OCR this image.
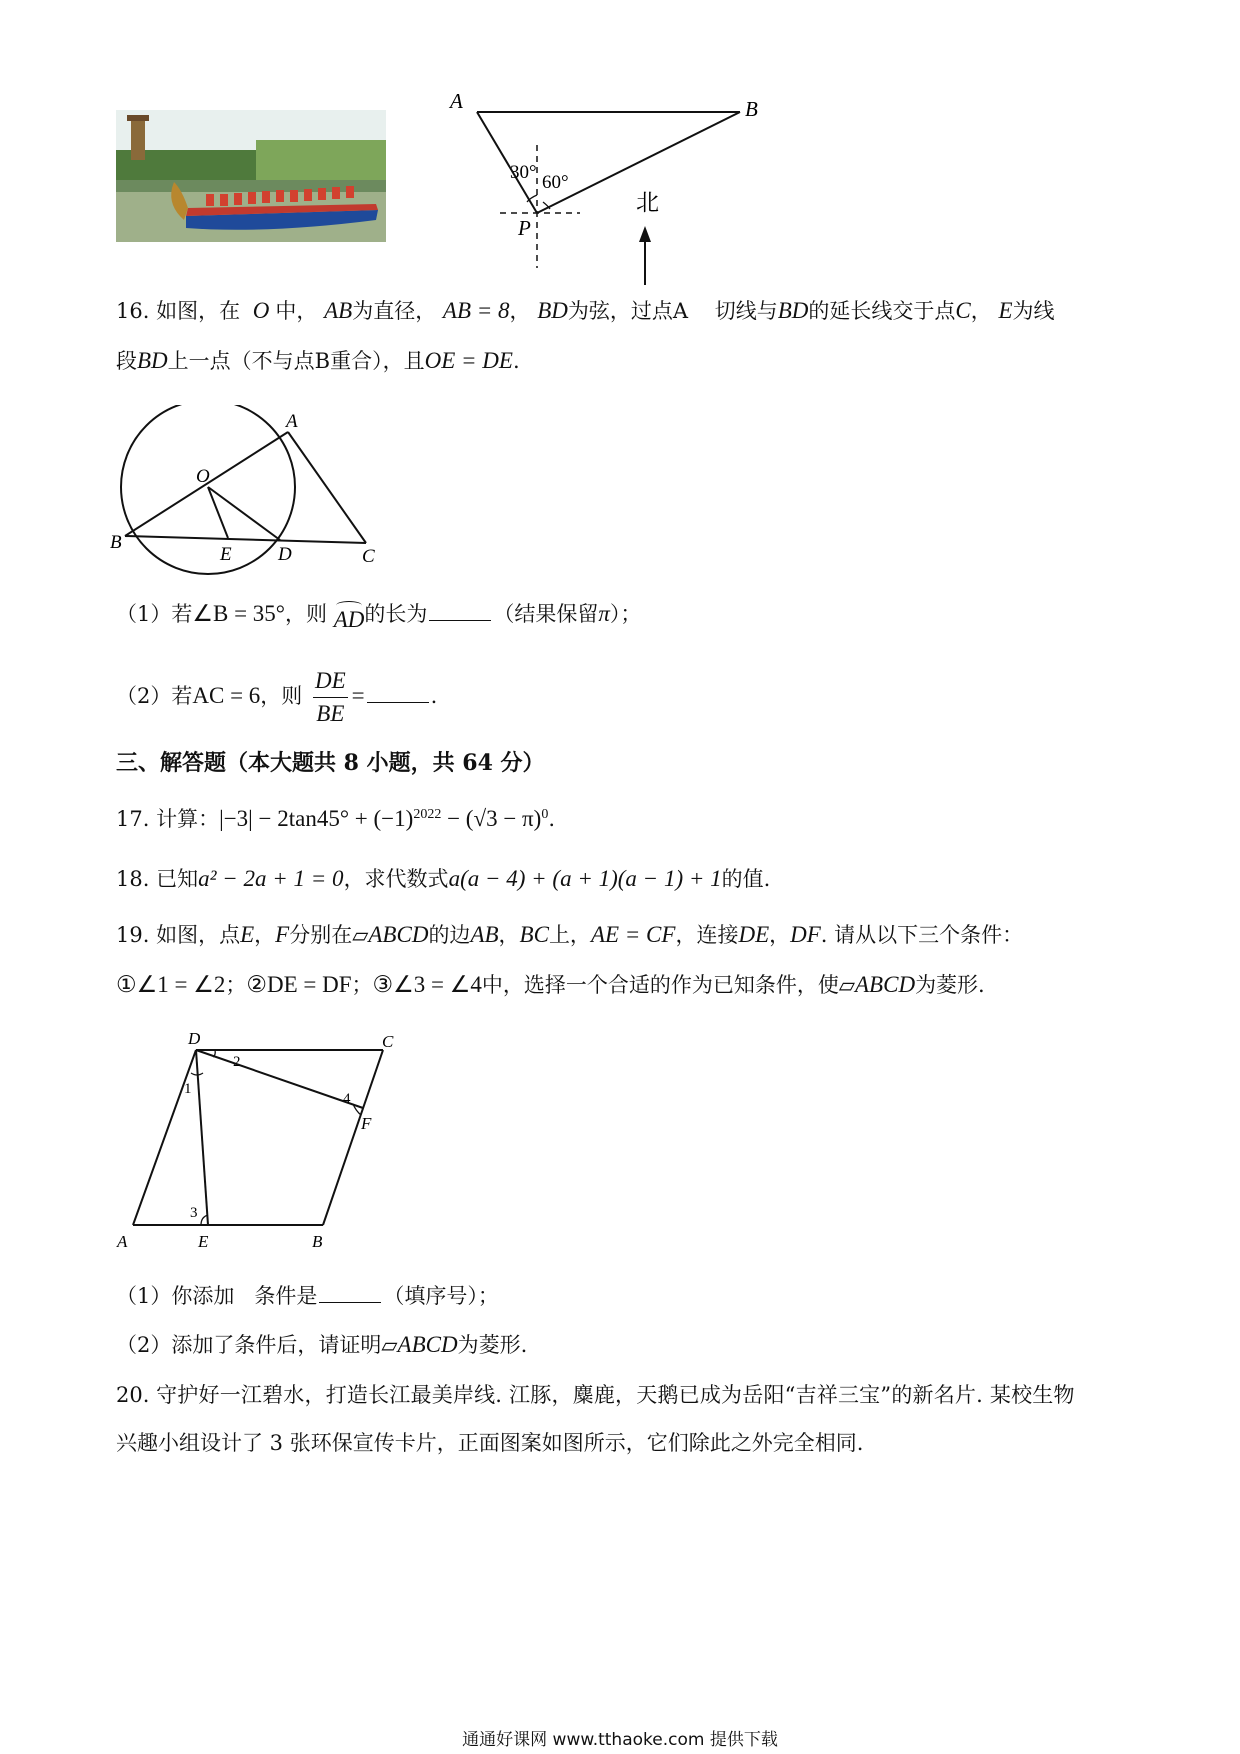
A	B
P
30° 60°
北
16. 如图，在 O 中， AB为直径， AB = 8， BD为弦，过点A 切线与BD的延长线交于点C， E为线
段BD上一点（不与点B重合），且OE = DE.
A
O
B
E D	C
（1）若∠B = 35°，则 AD的长为	（结果保留π）；
（2）若AC = 6，则 $\frac{DE}{BE}$ =	.
三、解答题（本大题共 8 小题，共 64 分）
17. 计算：$|-3| - 2\tan 45^\circ + (-1)^{2022} - (√3 - \pi)^0$.
18. 已知a² − 2a + 1 = 0，求代数式a(a − 4) + (a + 1)(a − 1) + 1的值.
19. 如图，点E，F分别在▱ABCD的边AB，BC上，AE = CF，连接DE，DF. 请从以下三个条件：
①∠1 = ∠2；②DE = DF；③∠3 = ∠4中，选择一个合适的作为已知条件，使▱ABCD为菱形.
D	C
A	E	B
F
1
2
3
4
（1）你添加 条件是	（填序号）；
（2）添加了条件后，请证明▱ABCD为菱形.
20. 守护好一江碧水，打造长江最美岸线. 江豚，麋鹿，天鹅已成为岳阳“吉祥三宝”的新名片. 某校生物
兴趣小组设计了 3 张环保宣传卡片，正面图案如图所示，它们除此之外完全相同.
通通好课网 www.tthaoke.com 提供下载
